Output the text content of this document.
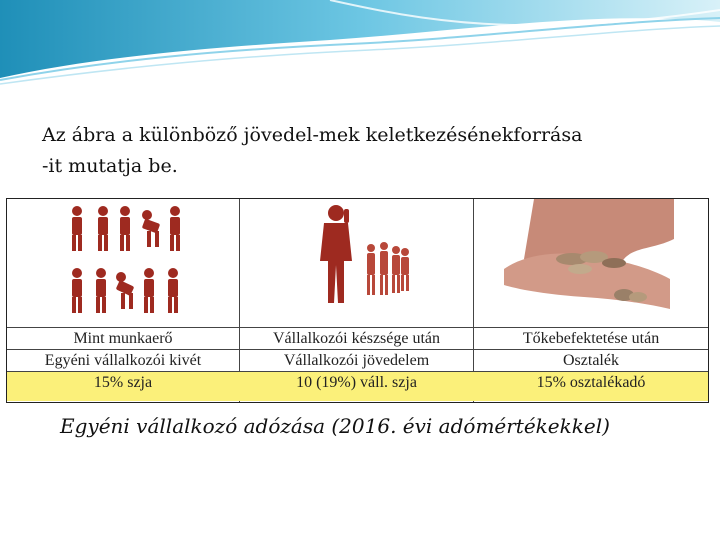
Az ábra a különböző jövedel-mek keletkezésénekforrása
-it mutatja be.
Mint munkaerő	Vállalkozói készsége után	Tőkebefektetése után
Egyéni vállalkozói kivét	Vállalkozói jövedelem	Osztalék
15% szja	10 (19%) váll. szja	15% osztalékadó
Egyéni vállalkozó adózása (2016. évi adómértékekkel)
